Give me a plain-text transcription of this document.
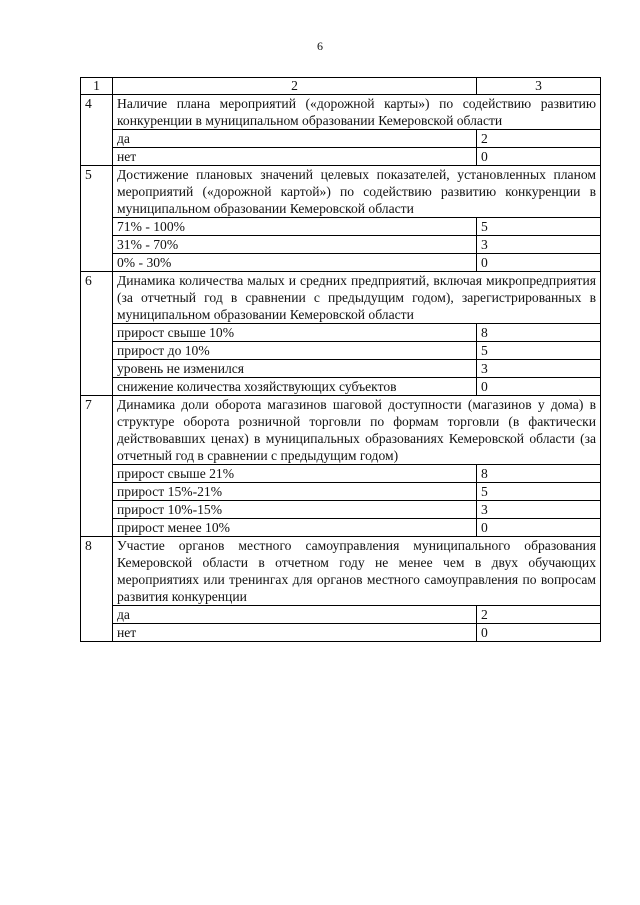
6
1	2	3
4	Наличие плана мероприятий («дорожной карты») по содействию развитию конкуренции в муниципальном образовании Кемеровской области	
	да	2
	нет	0
5	Достижение плановых значений целевых показателей, установленных планом мероприятий («дорожной картой») по содействию развитию конкуренции в муниципальном образовании Кемеровской области	
	71% - 100%	5
	31% - 70%	3
	0% - 30%	0
6	Динамика количества малых и средних предприятий, включая микропредприятия (за отчетный год в сравнении с предыдущим годом), зарегистрированных в муниципальном образовании Кемеровской области	
	прирост свыше 10%	8
	прирост до 10%	5
	уровень не изменился	3
	снижение количества хозяйствующих субъектов	0
7	Динамика доли оборота магазинов шаговой доступности (магазинов у дома) в структуре оборота розничной торговли по формам торговли (в фактически действовавших ценах) в муниципальных образованиях Кемеровской области (за отчетный год в сравнении с предыдущим годом)	
	прирост свыше 21%	8
	прирост 15%-21%	5
	прирост 10%-15%	3
	прирост менее 10%	0
8	Участие органов местного самоуправления муниципального образования Кемеровской области в отчетном году не менее чем в двух обучающих мероприятиях или тренингах для органов местного самоуправления по вопросам развития конкуренции	
	да	2
	нет	0
